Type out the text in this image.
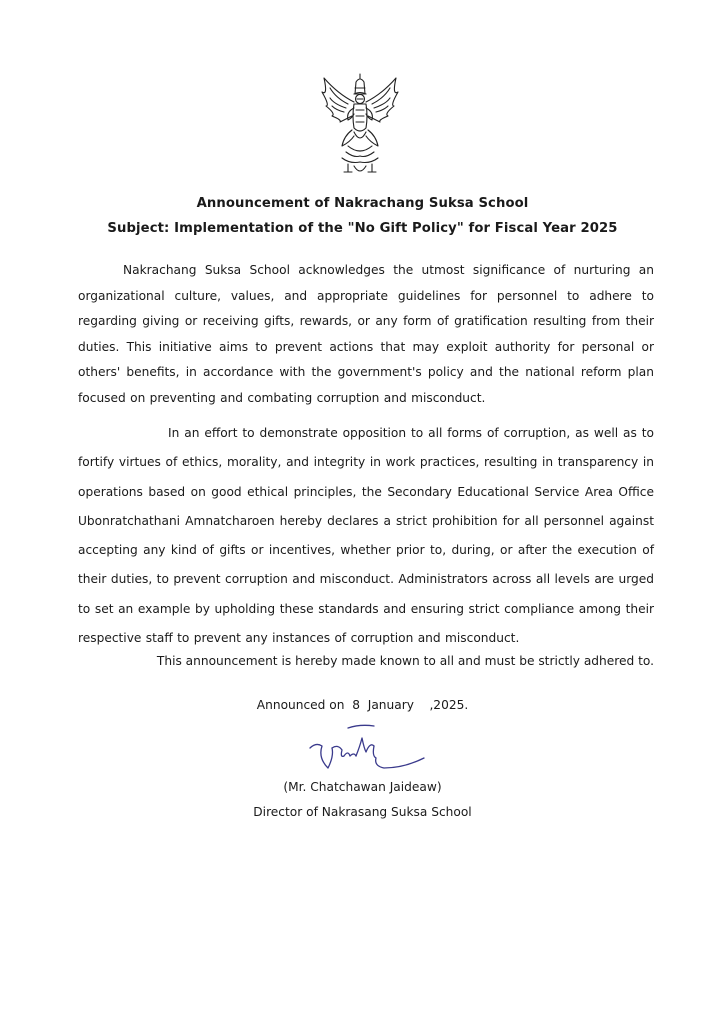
Announcement of Nakrachang Suksa School
Subject: Implementation of the "No Gift Policy" for Fiscal Year 2025
Nakrachang Suksa School acknowledges the utmost significance of nurturing an organizational culture, values, and appropriate guidelines for personnel to adhere to regarding giving or receiving gifts, rewards, or any form of gratification resulting from their duties. This initiative aims to prevent actions that may exploit authority for personal or others' benefits, in accordance with the government's policy and the national reform plan focused on preventing and combating corruption and misconduct.
In an effort to demonstrate opposition to all forms of corruption, as well as to fortify virtues of ethics, morality, and integrity in work practices, resulting in transparency in operations based on good ethical principles, the Secondary Educational Service Area Office Ubonratchathani Amnatcharoen hereby declares a strict prohibition for all personnel against accepting any kind of gifts or incentives, whether prior to, during, or after the execution of their duties, to prevent corruption and misconduct. Administrators across all levels are urged to set an example by upholding these standards and ensuring strict compliance among their respective staff to prevent any instances of corruption and misconduct.
This announcement is hereby made known to all and must be strictly adhered to.
Announced on 8 January ,2025.
(Mr. Chatchawan Jaideaw)
Director of Nakrasang Suksa School
